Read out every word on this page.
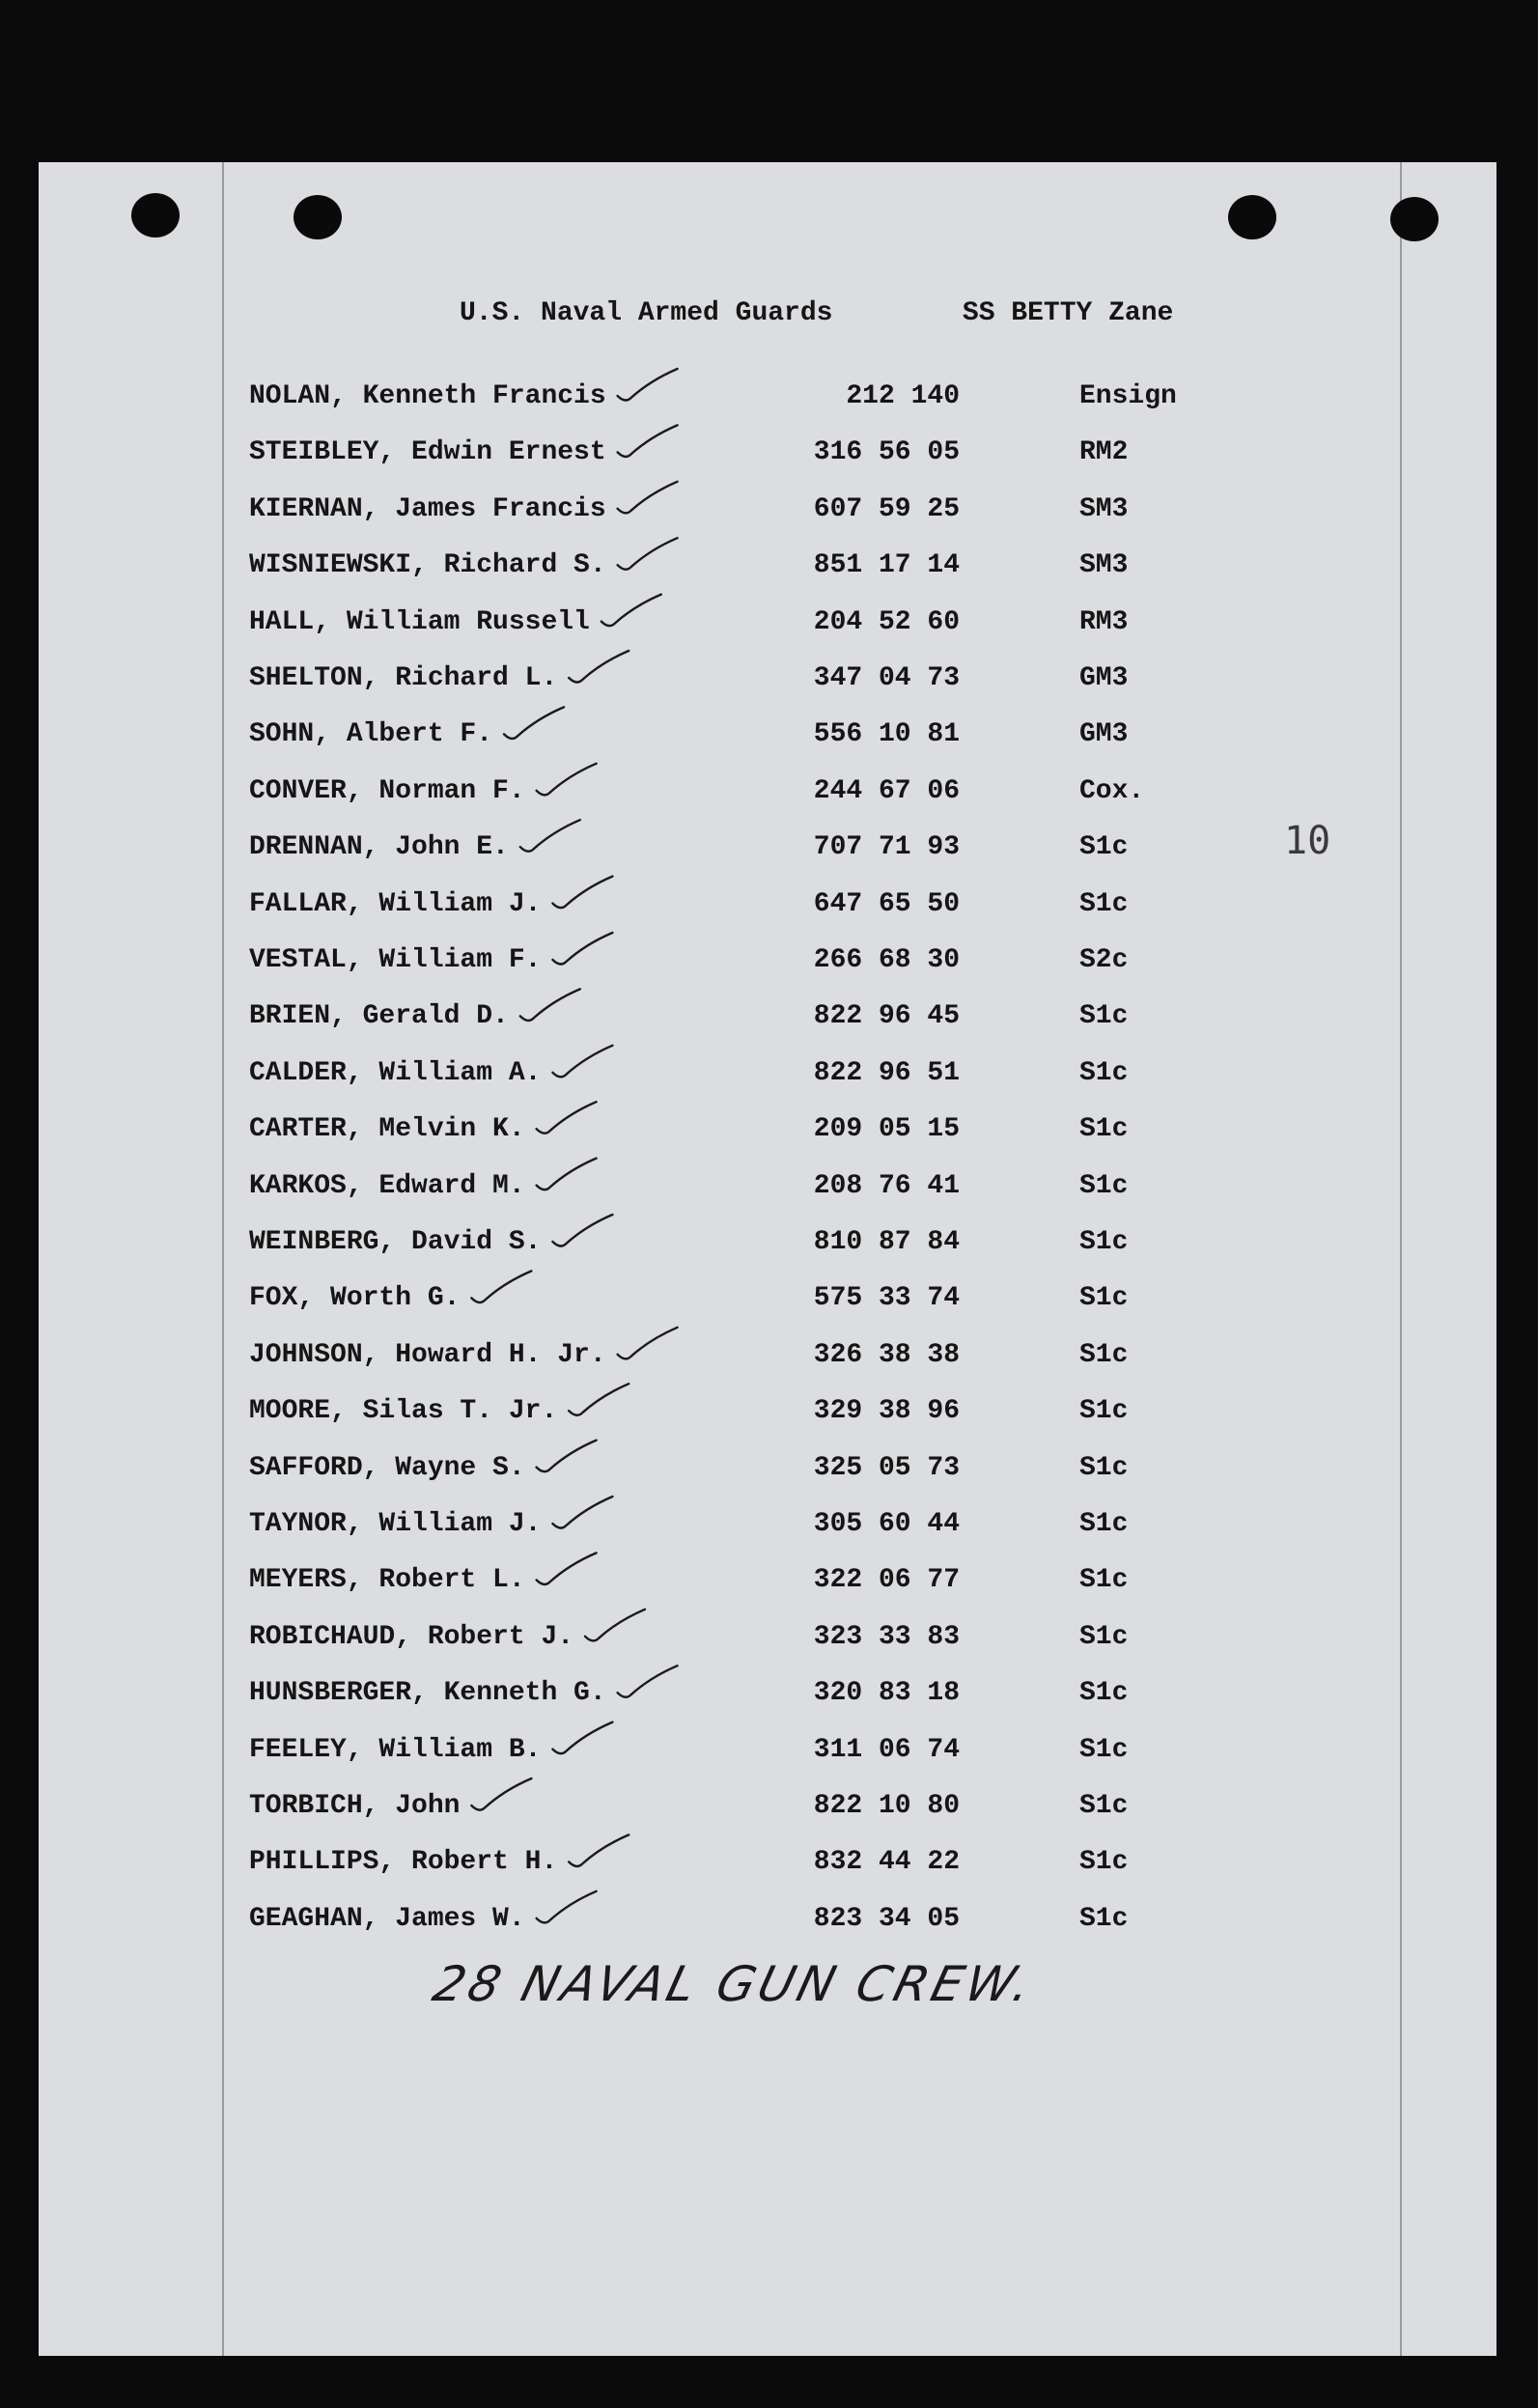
U.S. Naval Armed Guards        SS BETTY Zane
NOLAN, Kenneth Francis	212 140	Ensign
STEIBLEY, Edwin Ernest	316 56 05	RM2
KIERNAN, James Francis	607 59 25	SM3
WISNIEWSKI, Richard S.	851 17 14	SM3
HALL, William Russell	204 52 60	RM3
SHELTON, Richard L.	347 04 73	GM3
SOHN, Albert F.	556 10 81	GM3
CONVER, Norman F.	244 67 06	Cox.
DRENNAN, John E.	707 71 93	S1c
FALLAR, William J.	647 65 50	S1c
VESTAL, William F.	266 68 30	S2c
BRIEN, Gerald D.	822 96 45	S1c
CALDER, William A.	822 96 51	S1c
CARTER, Melvin K.	209 05 15	S1c
KARKOS, Edward M.	208 76 41	S1c
WEINBERG, David S.	810 87 84	S1c
FOX, Worth G.	575 33 74	S1c
JOHNSON, Howard H. Jr.	326 38 38	S1c
MOORE, Silas T. Jr.	329 38 96	S1c
SAFFORD, Wayne S.	325 05 73	S1c
TAYNOR, William J.	305 60 44	S1c
MEYERS, Robert L.	322 06 77	S1c
ROBICHAUD, Robert J.	323 33 83	S1c
HUNSBERGER, Kenneth G.	320 83 18	S1c
FEELEY, William B.	311 06 74	S1c
TORBICH, John	822 10 80	S1c
PHILLIPS, Robert H.	832 44 22	S1c
GEAGHAN, James W.	823 34 05	S1c
10
28 NAVAL GUN CREW.
